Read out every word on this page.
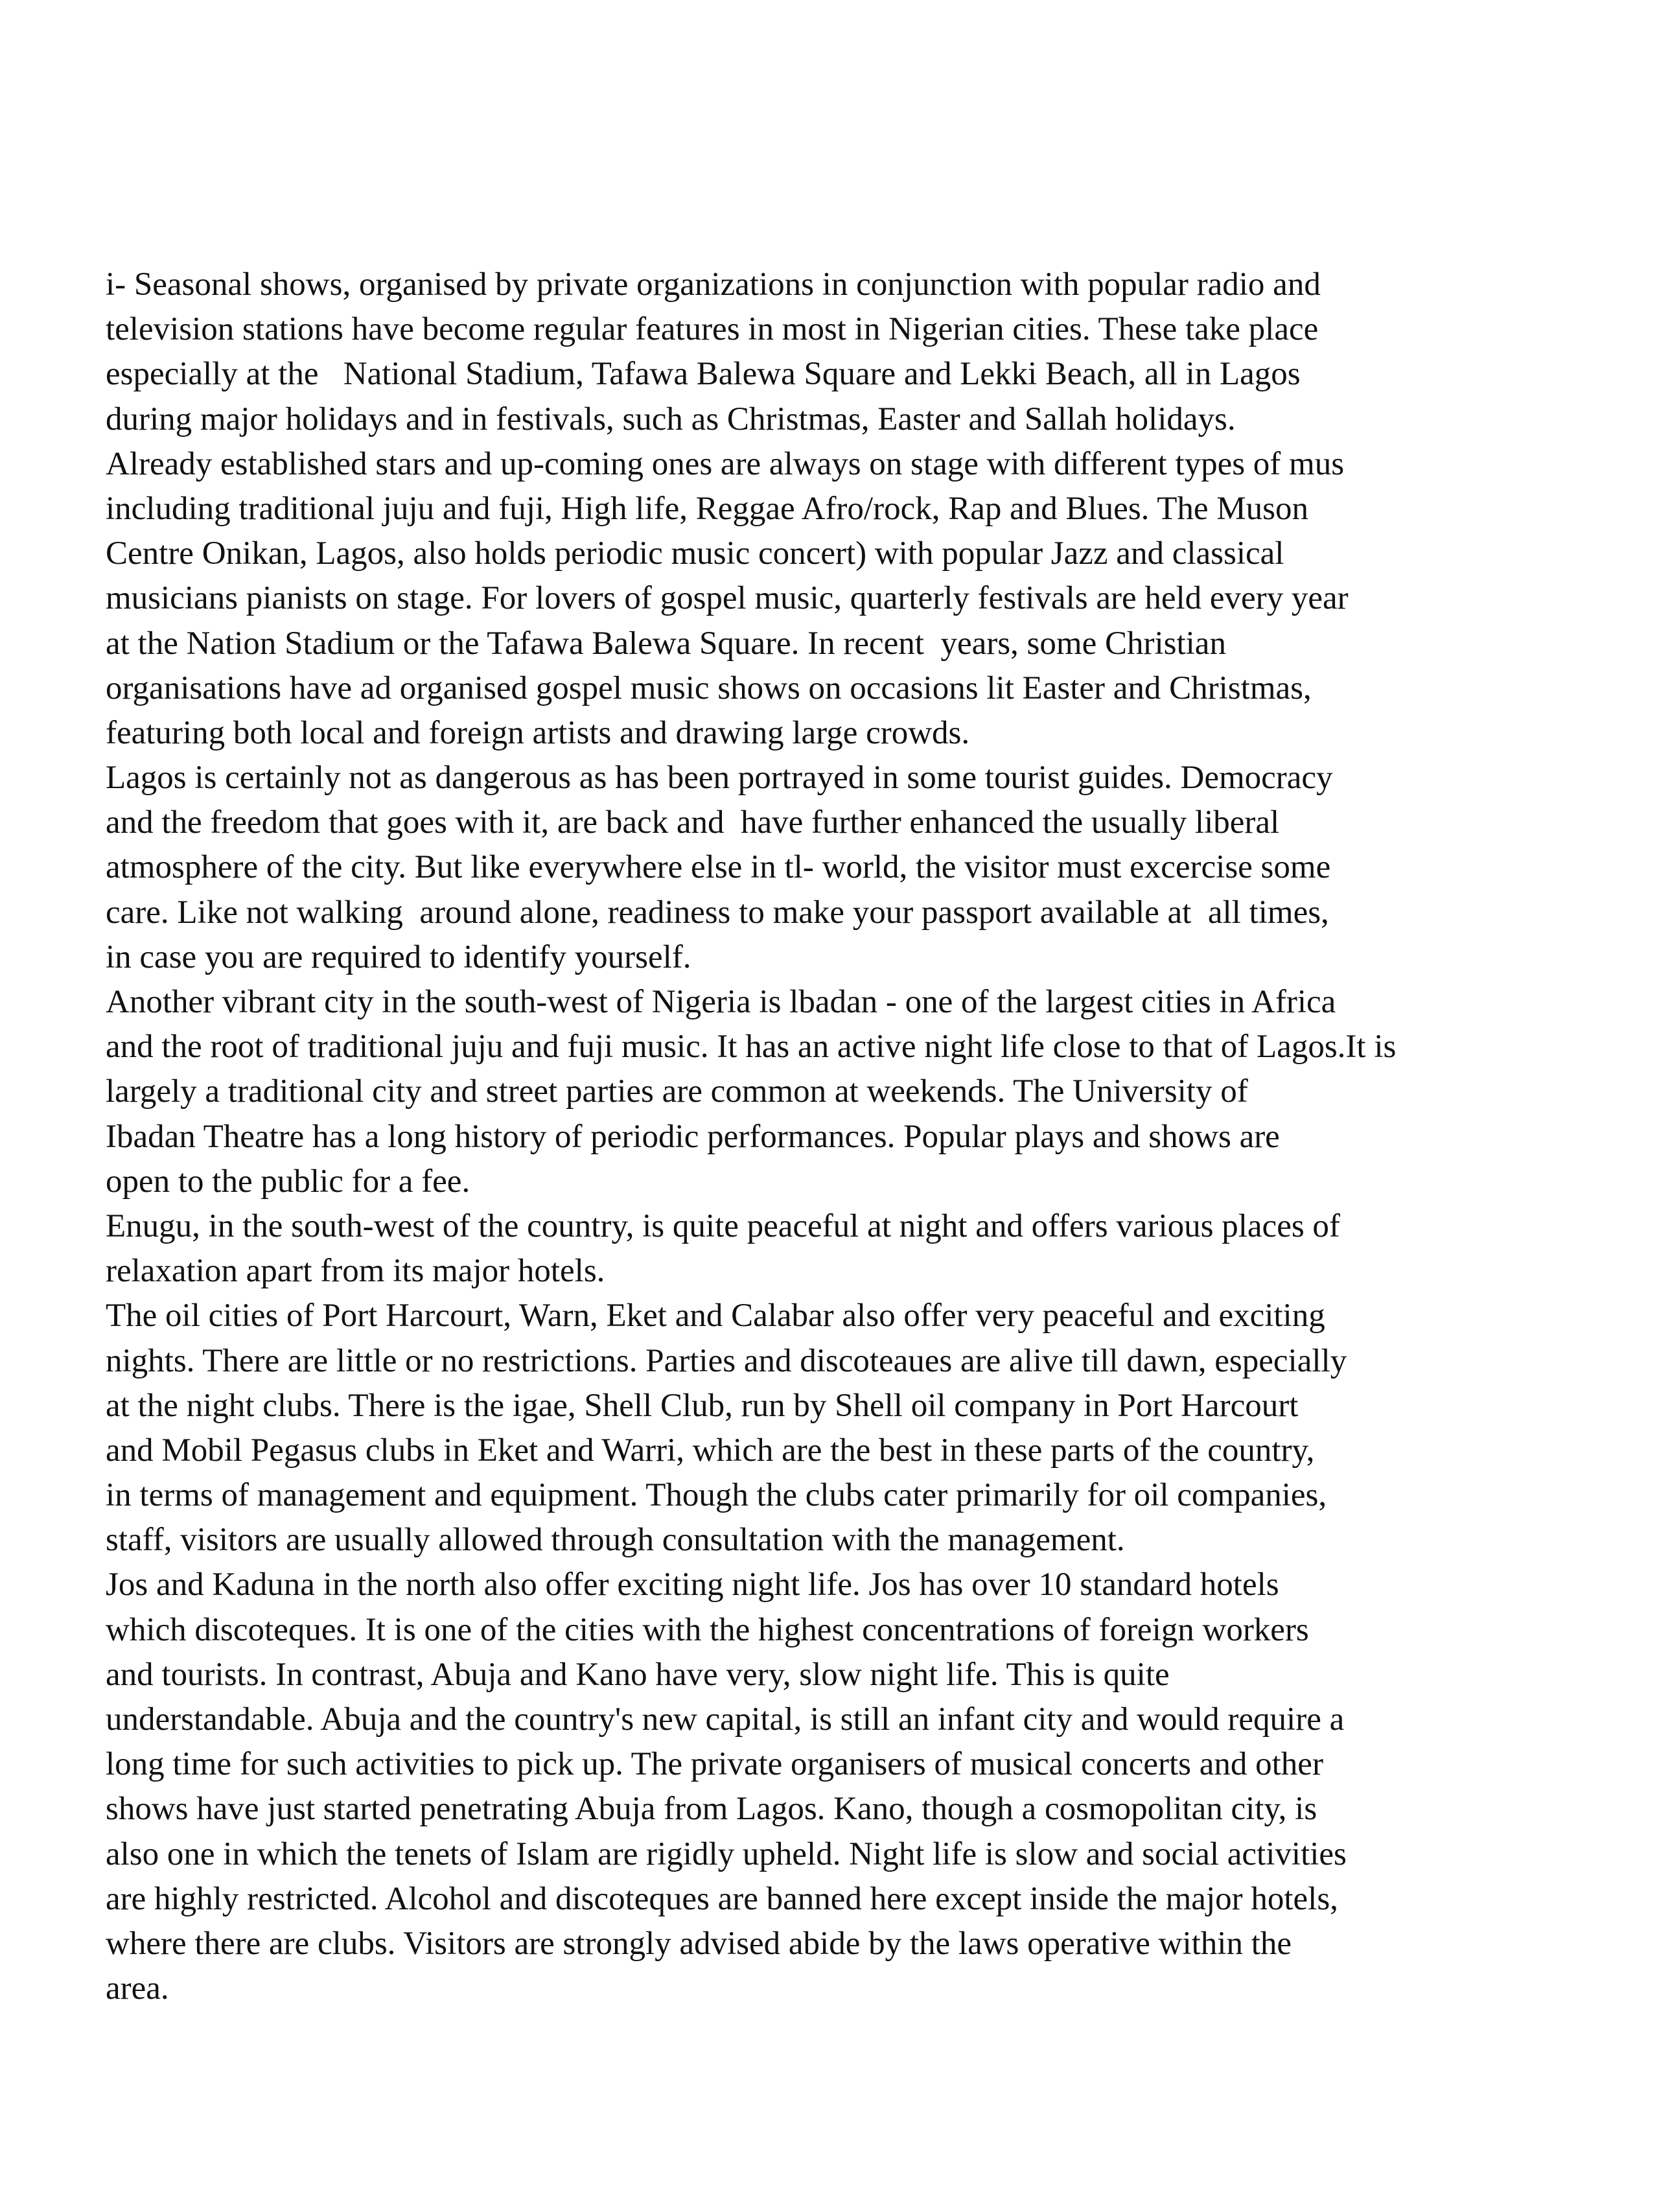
i- Seasonal shows, organised by private organizations in conjunction with popular radio and
television stations have become regular features in most in Nigerian cities. These take place
especially at the   National Stadium, Tafawa Balewa Square and Lekki Beach, all in Lagos
during major holidays and in festivals, such as Christmas, Easter and Sallah holidays.
Already established stars and up-coming ones are always on stage with different types of mus
including traditional juju and fuji, High life, Reggae Afro/rock, Rap and Blues. The Muson
Centre Onikan, Lagos, also holds periodic music concert) with popular Jazz and classical
musicians pianists on stage. For lovers of gospel music, quarterly festivals are held every year
at the Nation Stadium or the Tafawa Balewa Square. In recent  years, some Christian
organisations have ad organised gospel music shows on occasions lit Easter and Christmas,
featuring both local and foreign artists and drawing large crowds.
Lagos is certainly not as dangerous as has been portrayed in some tourist guides. Democracy
and the freedom that goes with it, are back and  have further enhanced the usually liberal
atmosphere of the city. But like everywhere else in tl- world, the visitor must excercise some
care. Like not walking  around alone, readiness to make your passport available at  all times,
in case you are required to identify yourself.
Another vibrant city in the south-west of Nigeria is lbadan - one of the largest cities in Africa
and the root of traditional juju and fuji music. It has an active night life close to that of Lagos.It is
largely a traditional city and street parties are common at weekends. The University of
Ibadan Theatre has a long history of periodic performances. Popular plays and shows are
open to the public for a fee.
Enugu, in the south-west of the country, is quite peaceful at night and offers various places of
relaxation apart from its major hotels.
The oil cities of Port Harcourt, Warn, Eket and Calabar also offer very peaceful and exciting
nights. There are little or no restrictions. Parties and discoteaues are alive till dawn, especially
at the night clubs. There is the igae, Shell Club, run by Shell oil company in Port Harcourt
and Mobil Pegasus clubs in Eket and Warri, which are the best in these parts of the country,
in terms of management and equipment. Though the clubs cater primarily for oil companies,
staff, visitors are usually allowed through consultation with the management.
Jos and Kaduna in the north also offer exciting night life. Jos has over 10 standard hotels
which discoteques. It is one of the cities with the highest concentrations of foreign workers
and tourists. In contrast, Abuja and Kano have very, slow night life. This is quite
understandable. Abuja and the country's new capital, is still an infant city and would require a
long time for such activities to pick up. The private organisers of musical concerts and other
shows have just started penetrating Abuja from Lagos. Kano, though a cosmopolitan city, is
also one in which the tenets of Islam are rigidly upheld. Night life is slow and social activities
are highly restricted. Alcohol and discoteques are banned here except inside the major hotels,
where there are clubs. Visitors are strongly advised abide by the laws operative within the
area.
